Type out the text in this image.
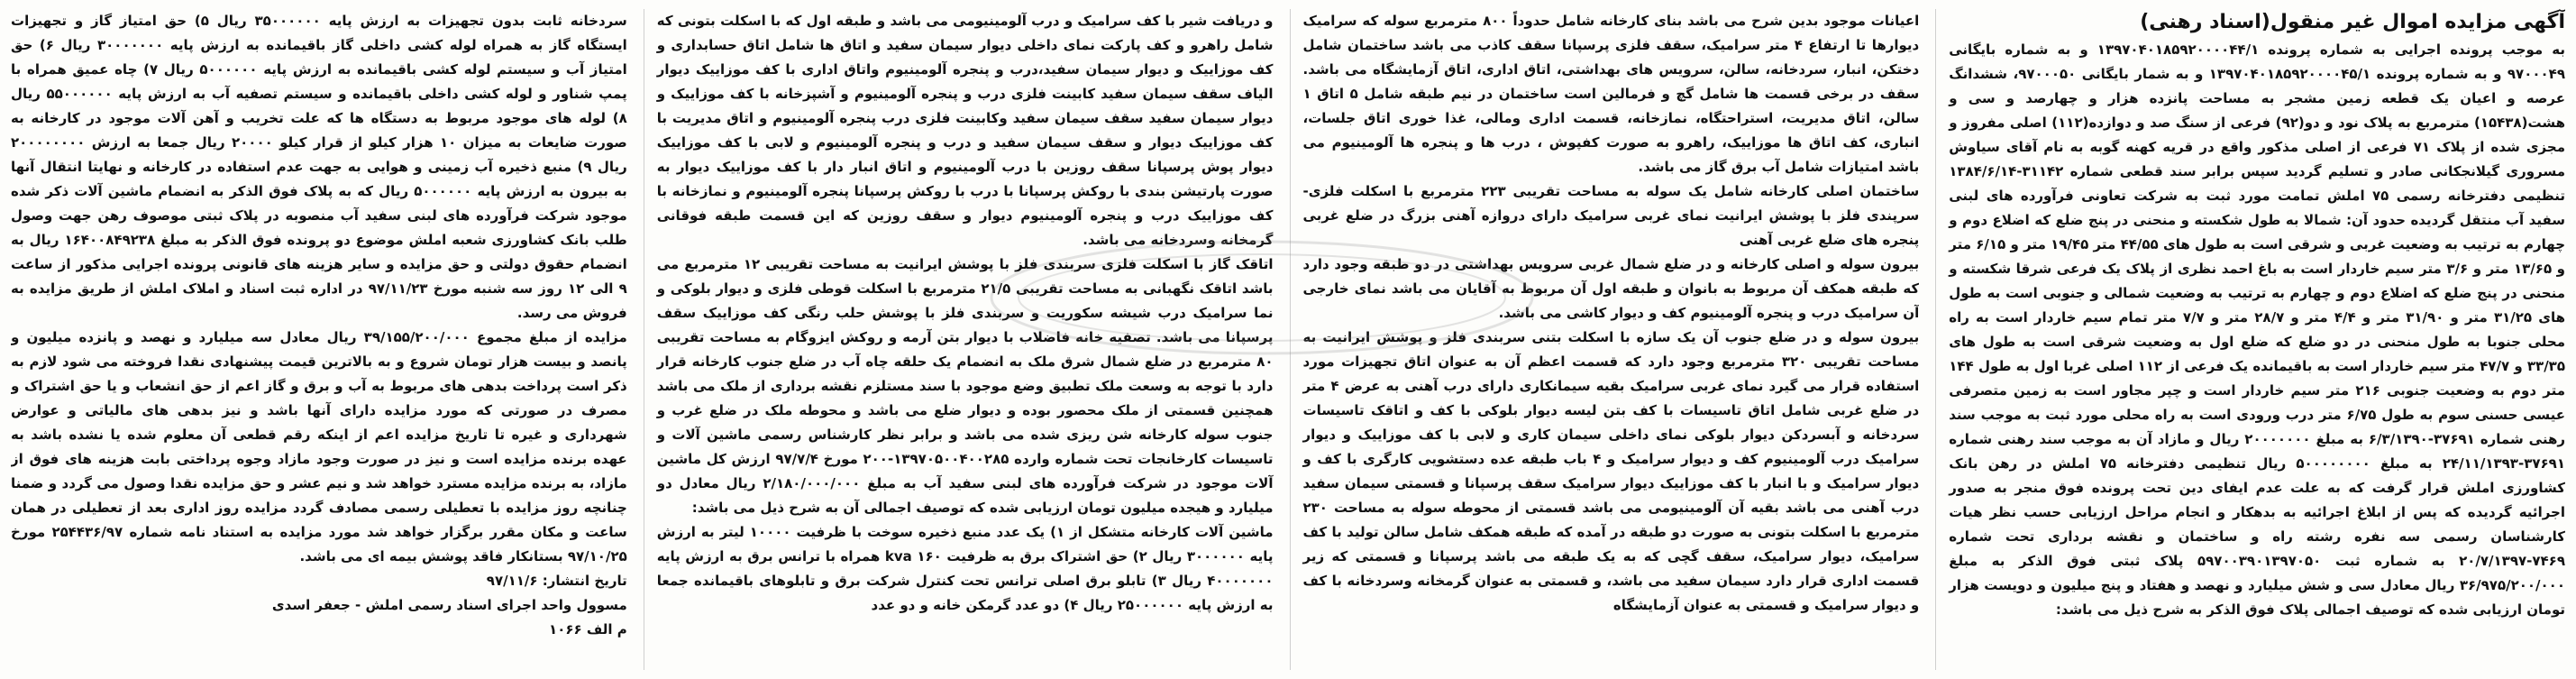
آگهی مزایده اموال غیر منقول(اسناد رهنی)

به موجب پرونده اجرایی به شماره پرونده ۱۳۹۷۰۴۰۱۸۵۹۲۰۰۰۰۴۴/۱ و به شماره بایگانی ۹۷۰۰۰۴۹ و به شماره پرونده ۱۳۹۷۰۴۰۱۸۵۹۲۰۰۰۰۴۵/۱ و به شمار بایگانی ۹۷۰۰۰۵۰، ششدانگ عرصه و اعیان یک قطعه زمین مشجر به مساحت پانزده هزار و چهارصد و سی و هشت(۱۵۴۳۸) مترمربع به پلاک نود و دو(۹۲) فرعی از سنگ صد و دوازده(۱۱۲) اصلی مفروز و مجزی شده از پلاک ۷۱ فرعی از اصلی مذکور واقع در قریه کهنه گوبه به نام آقای سیاوش مسروری گیلانجکانی صادر و تسلیم گردید سپس برابر سند قطعی شماره ۳۱۱۴۲-۱۳۸۴/۶/۱۴ تنظیمی دفترخانه رسمی ۷۵ املش تمامت مورد ثبت به شرکت تعاونی فرآورده های لبنی سفید آب منتقل گردیده حدود آن: شمالا به طول شکسته و منحنی در پنج ضلع که اضلاع دوم و چهارم به ترتیب به وضعیت غربی و شرقی است به طول های ۴۴/۵۵ متر ۱۹/۴۵ متر و ۶/۱۵ متر و ۱۳/۶۵ متر و ۳/۶ متر سیم خاردار است به باغ احمد نظری از پلاک یک فرعی شرقا شکسته و منحنی در پنج ضلع که اضلاع دوم و چهارم به ترتیب به وضعیت شمالی و جنوبی است به طول های ۳۱/۲۵ متر و ۳۱/۹۰ متر و ۴/۴ متر و ۲۸/۷ متر و ۷/۷ متر تمام سیم خاردار است به راه محلی جنوبا به طول منحنی در دو ضلع که ضلع اول به وضعیت شرقی است به طول های ۳۳/۳۵ و ۴۷/۷ متر سیم خاردار است به باقیمانده یک فرعی از ۱۱۲ اصلی غربا اول به طول ۱۴۴ متر دوم به وضعیت جنوبی ۲۱۶ متر سیم خاردار است و چپر مجاور است به زمین متصرفی عیسی حسنی سوم به طول ۶/۷۵ متر درب ورودی است به راه محلی مورد ثبت به موجب سند رهنی شماره ۳۷۶۹۱-۶/۳/۱۳۹۰ به مبلغ ۲۰۰۰۰۰۰۰ ریال و مازاد آن به موجب سند رهنی شماره ۳۷۶۹۱-۲۴/۱۱/۱۳۹۳ به مبلغ ۵۰۰۰۰۰۰۰۰ ریال تنظیمی دفترخانه ۷۵ املش در رهن بانک کشاورزی املش قرار گرفت که به علت عدم ایفای دین تحت پرونده فوق منجر به صدور اجرائیه گردیده که پس از ابلاغ اجرائیه به بدهکار و انجام مراحل ارزیابی حسب نظر هیات کارشناسان رسمی سه نفره رشته راه و ساختمان و نقشه برداری تحت شماره ۷۴۶۹-۲۰/۷/۱۳۹۷ به شماره ثبت ۵۹۷۰۰۳۹۰۱۳۹۷۰۵۰ پلاک ثبتی فوق الذکر به مبلغ ۳۶/۹۷۵/۲۰۰/۰۰۰ ریال معادل سی و شش میلیارد و نهصد و هفتاد و پنج میلیون و دویست هزار تومان ارزیابی شده که توصیف اجمالی پلاک فوق الذکر به شرح ذیل می باشد:

اعیانات موجود بدین شرح می باشد بنای کارخانه شامل حدوداً ۸۰۰ مترمربع سوله که سرامیک دیوارها تا ارتفاع ۴ متر سرامیک، سقف فلزی پرسپانا سقف کاذب می باشد ساختمان شامل دختکن، انبار، سردخانه، سالن، سرویس های بهداشتی، اتاق اداری، اتاق آزمایشگاه می باشد. سقف در برخی قسمت ها شامل گچ و فرمالین است ساختمان در نیم طبقه شامل ۵ اتاق ۱ سالن، اتاق مدیریت، استراحتگاه، نمازخانه، قسمت اداری ومالی، غذا خوری اتاق جلسات، انباری، کف اتاق ها موزاییک، راهرو به صورت کفپوش ، درب ها و پنجره ها آلومینیوم می باشد امتیازات شامل آب برق گاز می باشد.

ساختمان اصلی کارخانه شامل یک سوله به مساحت تقریبی ۲۲۳ مترمربع با اسکلت فلزی-سرپندی فلز با پوشش ایرانیت نمای غربی سرامیک دارای دروازه آهنی بزرگ در ضلع غربی پنجره های ضلع غربی آهنی

بیرون سوله و اصلی کارخانه و در ضلع شمال غربی سرویس بهداشتی در دو طبقه وجود دارد که طبقه همکف آن مربوط به بانوان و طبقه اول آن مربوط به آقایان می باشد نمای خارجی آن سرامیک درب و پنجره آلومینیوم کف و دیوار کاشی می باشد.

بیرون سوله و در ضلع جنوب آن یک سازه با اسکلت بتنی سربندی فلز و پوشش ایرانیت به مساحت تقریبی ۳۲۰ مترمربع وجود دارد که قسمت اعظم آن به عنوان اتاق تجهیزات مورد استفاده قرار می گیرد نمای غربی سرامیک بقیه سیمانکاری دارای درب آهنی به عرض ۴ متر در ضلع غربی شامل اتاق تاسیسات با کف بتن لیسه دیوار بلوکی با کف و اتاقک تاسیسات سردخانه و آبسردکن دیوار بلوکی نمای داخلی سیمان کاری و لابی با کف موزاییک و دیوار سرامیک درب آلومینیوم کف و دیوار سرامیک و ۴ باب طبقه عده دستشویی کارگری با کف و دیوار سرامیک و با انبار با کف موزاییک دیوار سرامیک سقف پرسپانا و قسمتی سیمان سفید درب آهنی می باشد بقیه آن آلومینیومی می باشد قسمتی از محوطه سوله به مساحت ۲۳۰ مترمربع با اسکلت بتونی به صورت دو طبقه در آمده که طبقه همکف شامل سالن تولید با کف سرامیک، دیوار سرامیک، سقف گچی که به یک طبقه می باشد پرسپانا و قسمتی که زیر قسمت اداری قرار دارد سیمان سفید می باشد، و قسمتی به عنوان گرمخانه وسردخانه با کف و دیوار سرامیک و قسمتی به عنوان آزمایشگاه

و دریافت شیر با کف سرامیک و درب آلومینیومی می باشد و طبقه اول که با اسکلت بتونی که شامل راهرو و کف پارکت نمای داخلی دیوار سیمان سفید و اتاق ها شامل اتاق حسابداری و کف موزاییک و دیوار سیمان سفید،درب و پنجره آلومینیوم واتاق اداری با کف موزاییک دیوار الیاف سقف سیمان سفید کابینت فلزی درب و پنجره آلومینیوم و آشپزخانه با کف موزاییک و دیوار سیمان سفید سقف سیمان سفید وکابینت فلزی درب پنجره آلومینیوم و اتاق مدیریت با کف موزاییک دیوار و سقف سیمان سفید و درب و پنجره آلومینیوم و لابی با کف موزاییک دیوار پوش پرسپانا سقف روزین با درب آلومینیوم و اتاق انبار دار با کف موزاییک دیوار به صورت پارتیشن بندی با روکش پرسپانا با درب با روکش پرسپانا پنجره آلومینیوم و نمازخانه با کف موزاییک درب و پنجره آلومینیوم دیوار و سقف روزین که این قسمت طبقه فوقانی گرمخانه وسردخانه می باشد.

اتاقک گاز با اسکلت فلزی سربندی فلز با پوشش ایرانیت به مساحت تقریبی ۱۲ مترمربع می باشد اتاقک نگهبانی به مساحت تقریبی ۲۱/۵ مترمربع با اسکلت قوطی فلزی و دیوار بلوکی و نما سرامیک درب شیشه سکوریت و سربندی فلز با پوشش حلب رنگی کف موزاییک سقف پرسپانا می باشد. تصفیه خانه فاضلاب با دیوار بتن آرمه و روکش ایزوگام به مساحت تقریبی ۸۰ مترمربع در ضلع شمال شرق ملک به انضمام یک حلقه چاه آب در ضلع جنوب کارخانه قرار دارد با توجه به وسعت ملک تطبیق وضع موجود با سند مستلزم نقشه برداری از ملک می باشد همچنین قسمتی از ملک محصور بوده و دیوار ضلع می باشد و محوطه ملک در ضلع غرب و جنوب سوله کارخانه شن ریزی شده می باشد و برابر نظر کارشناس رسمی ماشین آلات و تاسیسات کارخانجات تحت شماره وارده ۱۳۹۷۰۵۰۰۴۰۰۲۸۵-۲۰۰ مورخ ۹۷/۷/۴ ارزش کل ماشین آلات موجود در شرکت فرآورده های لبنی سفید آب به مبلغ ۲/۱۸۰/۰۰۰/۰۰۰ ریال معادل دو میلیارد و هیجده میلیون تومان ارزیابی شده که توصیف اجمالی آن به شرح ذیل می باشد:

ماشین آلات کارخانه متشکل از ۱) یک عدد منبع ذخیره سوخت با ظرفیت ۱۰۰۰۰ لیتر به ارزش پایه ۳۰۰۰۰۰۰ ریال ۲) حق اشتراک برق به ظرفیت ۱۶۰ kva همراه با ترانس برق به ارزش پایه ۴۰۰۰۰۰۰۰ ریال ۳) تابلو برق اصلی ترانس تحت کنترل شرکت برق و تابلوهای باقیمانده جمعا به ارزش پایه ۲۵۰۰۰۰۰۰ ریال ۴) دو عدد گرمکن خانه و دو عدد

سردخانه ثابت بدون تجهیزات به ارزش پایه ۳۵۰۰۰۰۰۰ ریال ۵) حق امتیاز گاز و تجهیزات ایستگاه گاز به همراه لوله کشی داخلی گاز باقیمانده به ارزش پایه ۳۰۰۰۰۰۰۰ ریال ۶) حق امتیاز آب و سیستم لوله کشی باقیمانده به ارزش پایه ۵۰۰۰۰۰۰ ریال ۷) چاه عمیق همراه با پمپ شناور و لوله کشی داخلی باقیمانده و سیستم تصفیه آب به ارزش پایه ۵۵۰۰۰۰۰۰ ریال ۸) لوله های موجود مربوط به دستگاه ها که علت تخریب و آهن آلات موجود در کارخانه به صورت ضایعات به میزان ۱۰ هزار کیلو از قرار کیلو ۲۰۰۰۰ ریال جمعا به ارزش ۲۰۰۰۰۰۰۰۰ ریال ۹) منبع ذخیره آب زمینی و هوایی به جهت عدم استفاده در کارخانه و نهایتا انتقال آنها به بیرون به ارزش پایه ۵۰۰۰۰۰۰ ریال که به پلاک فوق الذکر به انضمام ماشین آلات ذکر شده موجود شرکت فرآورده های لبنی سفید آب منصوبه در پلاک ثبتی موصوف رهن جهت وصول طلب بانک کشاورزی شعبه املش موضوع دو پرونده فوق الذکر به مبلغ ۱۶۴۰۰۸۴۹۲۳۸ ریال به انضمام حقوق دولتی و حق مزایده و سایر هزینه های قانونی پرونده اجرایی مذکور از ساعت ۹ الی ۱۲ روز سه شنبه مورخ ۹۷/۱۱/۲۳ در اداره ثبت اسناد و املاک املش از طریق مزایده به فروش می رسد.

مزایده از مبلغ مجموع ۳۹/۱۵۵/۲۰۰/۰۰۰ ریال معادل سه میلیارد و نهصد و پانزده میلیون و پانصد و بیست هزار تومان شروع و به بالاترین قیمت پیشنهادی نقدا فروخته می شود لازم به ذکر است پرداخت بدهی های مربوط به آب و برق و گاز اعم از حق انشعاب و یا حق اشتراک و مصرف در صورتی که مورد مزایده دارای آنها باشد و نیز بدهی های مالیاتی و عوارض شهرداری و غیره تا تاریخ مزایده اعم از اینکه رقم قطعی آن معلوم شده یا نشده باشد به عهده برنده مزایده است و نیز در صورت وجود مازاد وجوه پرداختی بابت هزینه های فوق از مازاد، به برنده مزایده مسترد خواهد شد و نیم عشر و حق مزایده نقدا وصول می گردد و ضمنا چنانچه روز مزایده با تعطیلی رسمی مصادف گردد مزایده روز اداری بعد از تعطیلی در همان ساعت و مکان مقرر برگزار خواهد شد مورد مزایده به استناد نامه شماره ۲۵۴۴۳۶/۹۷ مورخ ۹۷/۱۰/۲۵ بستانکار فاقد پوشش بیمه ای می باشد.

تاریخ انتشار: ۹۷/۱۱/۶

مسوول واحد اجرای اسناد رسمی املش - جعفر اسدی

م الف ۱۰۶۶
